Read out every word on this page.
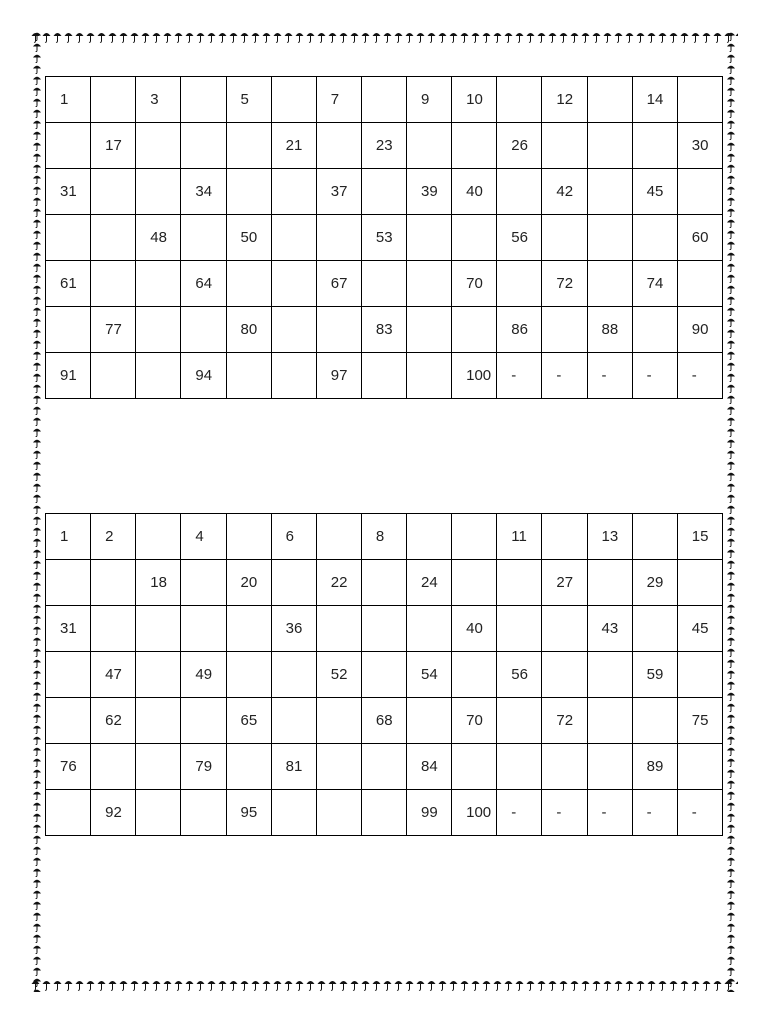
1		3		5		7		9	10		12		14	
	17				21		23			26				30
31			34			37		39	40		42		45	
		48		50			53			56				60
61			64			67			70		72		74	
	77			80			83			86		88		90
91			94			97			100	-	-	-	-	-
1	2		4		6		8			11		13		15
		18		20		22		24			27		29	
31					36				40			43		45
	47		49			52		54		56			59	
	62			65			68		70		72			75
76			79		81			84					89	
	92			95				99	100	-	-	-	-	-
